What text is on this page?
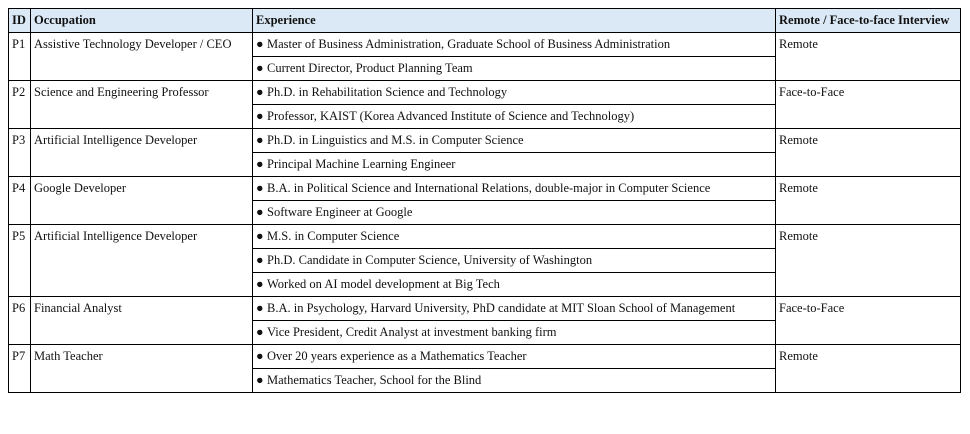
ID	Occupation	Experience	Remote / Face-to-face Interview
P1	Assistive Technology Developer / CEO	● Master of Business Administration, Graduate School of Business Administration	Remote
		● Current Director, Product Planning Team	
P2	Science and Engineering Professor	● Ph.D. in Rehabilitation Science and Technology	Face-to-Face
		● Professor, KAIST (Korea Advanced Institute of Science and Technology)	
P3	Artificial Intelligence Developer	● Ph.D. in Linguistics and M.S. in Computer Science	Remote
		● Principal Machine Learning Engineer	
P4	Google Developer	● B.A. in Political Science and International Relations, double-major in Computer Science	Remote
		● Software Engineer at Google	
P5	Artificial Intelligence Developer	● M.S. in Computer Science	Remote
		● Ph.D. Candidate in Computer Science, University of Washington	
		● Worked on AI model development at Big Tech	
P6	Financial Analyst	● B.A. in Psychology, Harvard University, PhD candidate at MIT Sloan School of Management	Face-to-Face
		● Vice President, Credit Analyst at investment banking firm	
P7	Math Teacher	● Over 20 years experience as a Mathematics Teacher	Remote
		● Mathematics Teacher, School for the Blind	
